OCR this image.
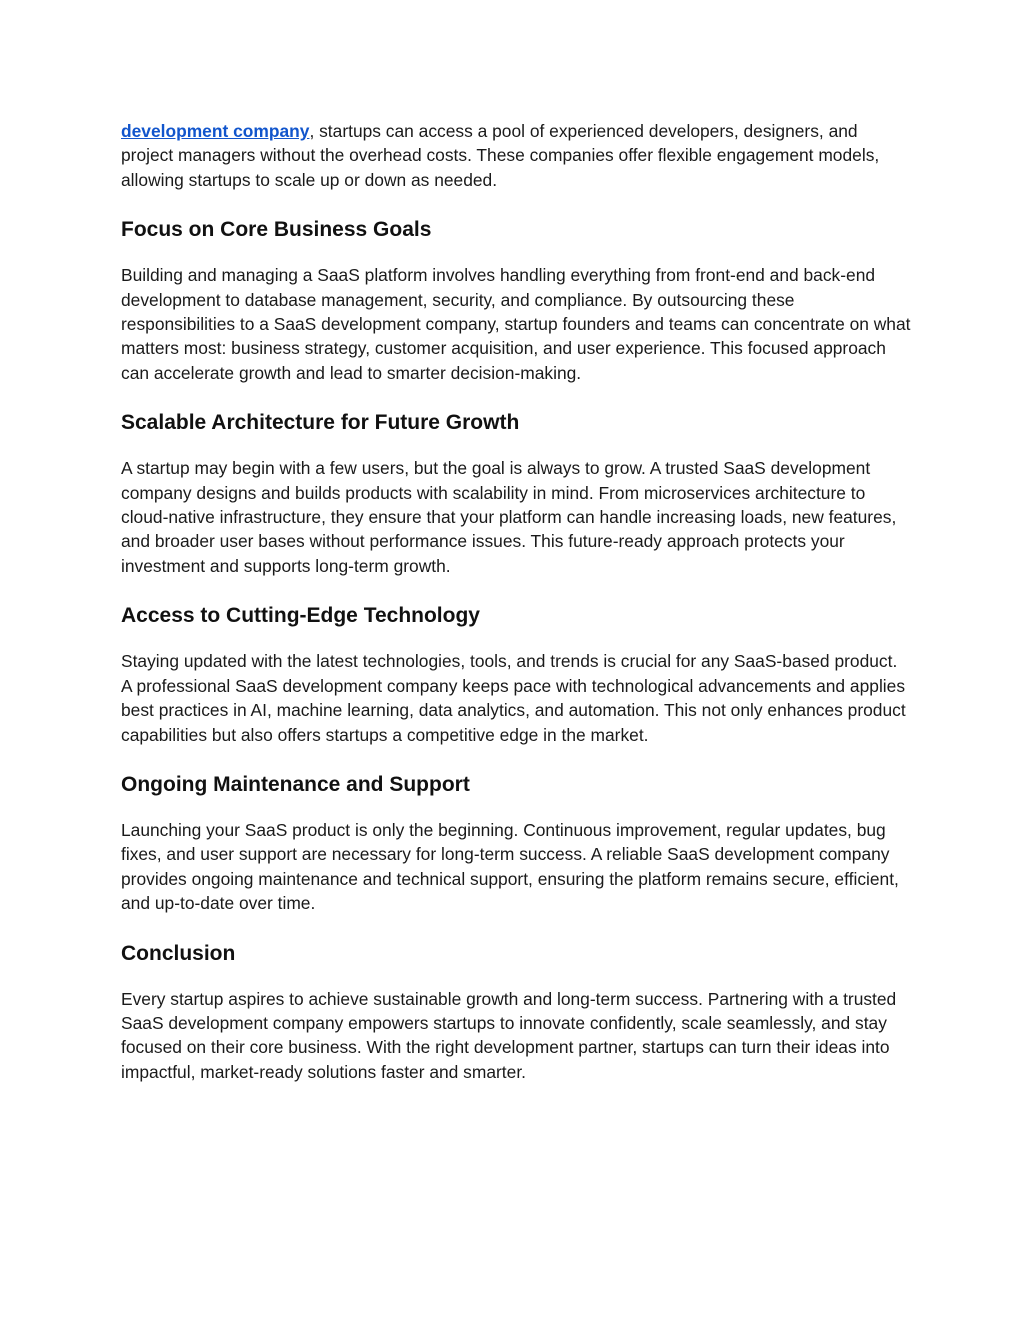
development company, startups can access a pool of experienced developers, designers, and project managers without the overhead costs. These companies offer flexible engagement models, allowing startups to scale up or down as needed.

Focus on Core Business Goals

Building and managing a SaaS platform involves handling everything from front-end and back-end development to database management, security, and compliance. By outsourcing these responsibilities to a SaaS development company, startup founders and teams can concentrate on what matters most: business strategy, customer acquisition, and user experience. This focused approach can accelerate growth and lead to smarter decision-making.

Scalable Architecture for Future Growth

A startup may begin with a few users, but the goal is always to grow. A trusted SaaS development company designs and builds products with scalability in mind. From microservices architecture to cloud-native infrastructure, they ensure that your platform can handle increasing loads, new features, and broader user bases without performance issues. This future-ready approach protects your investment and supports long-term growth.

Access to Cutting-Edge Technology

Staying updated with the latest technologies, tools, and trends is crucial for any SaaS-based product. A professional SaaS development company keeps pace with technological advancements and applies best practices in AI, machine learning, data analytics, and automation. This not only enhances product capabilities but also offers startups a competitive edge in the market.

Ongoing Maintenance and Support

Launching your SaaS product is only the beginning. Continuous improvement, regular updates, bug fixes, and user support are necessary for long-term success. A reliable SaaS development company provides ongoing maintenance and technical support, ensuring the platform remains secure, efficient, and up-to-date over time.

Conclusion

Every startup aspires to achieve sustainable growth and long-term success. Partnering with a trusted SaaS development company empowers startups to innovate confidently, scale seamlessly, and stay focused on their core business. With the right development partner, startups can turn their ideas into impactful, market-ready solutions faster and smarter.
